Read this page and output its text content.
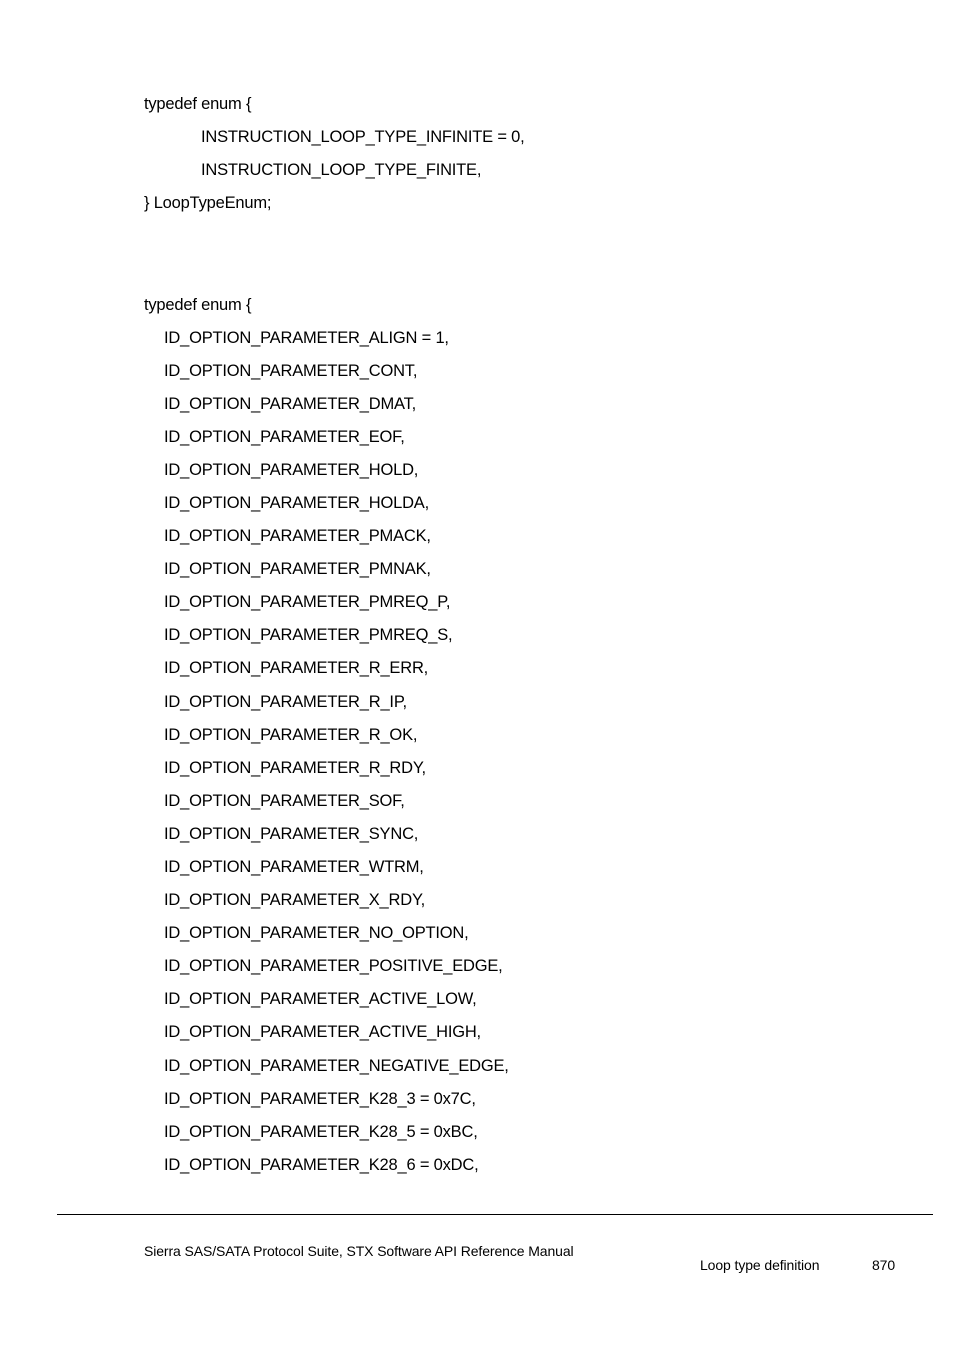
typedef enum {
INSTRUCTION_LOOP_TYPE_INFINITE = 0,
INSTRUCTION_LOOP_TYPE_FINITE,
} LoopTypeEnum;
typedef enum {
ID_OPTION_PARAMETER_ALIGN = 1,
ID_OPTION_PARAMETER_CONT,
ID_OPTION_PARAMETER_DMAT,
ID_OPTION_PARAMETER_EOF,
ID_OPTION_PARAMETER_HOLD,
ID_OPTION_PARAMETER_HOLDA,
ID_OPTION_PARAMETER_PMACK,
ID_OPTION_PARAMETER_PMNAK,
ID_OPTION_PARAMETER_PMREQ_P,
ID_OPTION_PARAMETER_PMREQ_S,
ID_OPTION_PARAMETER_R_ERR,
ID_OPTION_PARAMETER_R_IP,
ID_OPTION_PARAMETER_R_OK,
ID_OPTION_PARAMETER_R_RDY,
ID_OPTION_PARAMETER_SOF,
ID_OPTION_PARAMETER_SYNC,
ID_OPTION_PARAMETER_WTRM,
ID_OPTION_PARAMETER_X_RDY,
ID_OPTION_PARAMETER_NO_OPTION,
ID_OPTION_PARAMETER_POSITIVE_EDGE,
ID_OPTION_PARAMETER_ACTIVE_LOW,
ID_OPTION_PARAMETER_ACTIVE_HIGH,
ID_OPTION_PARAMETER_NEGATIVE_EDGE,
ID_OPTION_PARAMETER_K28_3 = 0x7C,
ID_OPTION_PARAMETER_K28_5 = 0xBC,
ID_OPTION_PARAMETER_K28_6 = 0xDC,
Sierra SAS/SATA Protocol Suite, STX Software API Reference Manual
Loop type definition	870
